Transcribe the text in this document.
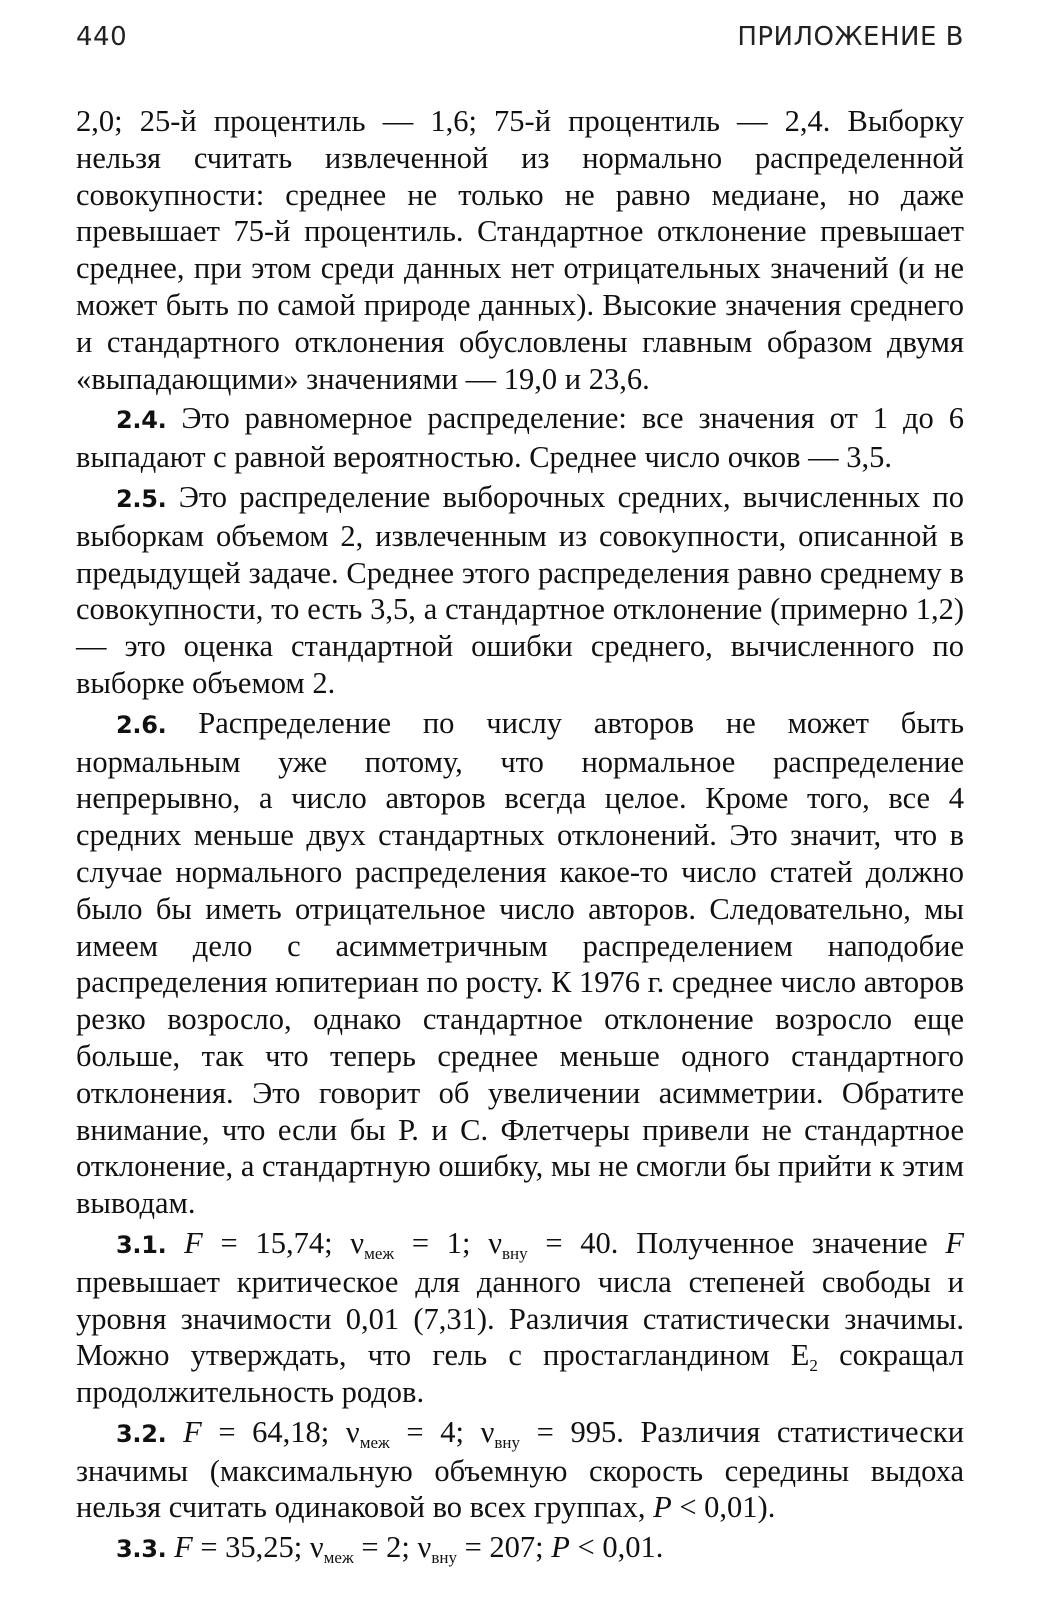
440	ПРИЛОЖЕНИЕ В

2,0; 25-й процентиль — 1,6; 75-й процентиль — 2,4. Выборку нельзя считать извлеченной из нормально распределенной совокупности: среднее не только не равно медиане, но даже превышает 75-й процентиль. Стандартное отклонение превышает среднее, при этом среди данных нет отрицательных значений (и не может быть по самой природе данных). Высокие значения среднего и стандартного отклонения обусловлены главным образом двумя «выпадающими» значениями — 19,0 и 23,6.

2.4. Это равномерное распределение: все значения от 1 до 6 выпадают с равной вероятностью. Среднее число очков — 3,5.

2.5. Это распределение выборочных средних, вычисленных по выборкам объемом 2, извлеченным из совокупности, описанной в предыдущей задаче. Среднее этого распределения равно среднему в совокупности, то есть 3,5, а стандартное отклонение (примерно 1,2) — это оценка стандартной ошибки среднего, вычисленного по выборке объемом 2.

2.6. Распределение по числу авторов не может быть нормальным уже потому, что нормальное распределение непрерывно, а число авторов всегда целое. Кроме того, все 4 средних меньше двух стандартных отклонений. Это значит, что в случае нормального распределения какое-то число статей должно было бы иметь отрицательное число авторов. Следовательно, мы имеем дело с асимметричным распределением наподобие распределения юпитериан по росту. К 1976 г. среднее число авторов резко возросло, однако стандартное отклонение возросло еще больше, так что теперь среднее меньше одного стандартного отклонения. Это говорит об увеличении асимметрии. Обратите внимание, что если бы Р. и С. Флетчеры привели не стандартное отклонение, а стандартную ошибку, мы не смогли бы прийти к этим выводам.

3.1. F = 15,74; $\nu_{меж} = 1$; $\nu_{вну} = 40$. Полученное значение F превышает критическое для данного числа степеней свободы и уровня значимости 0,01 (7,31). Различия статистически значимы. Можно утверждать, что гель с простагландином $E_2$ сокращал продолжительность родов.

3.2. F = 64,18; $\nu_{меж} = 4$; $\nu_{вну} = 995$. Различия статистически значимы (максимальную объемную скорость середины выдоха нельзя считать одинаковой во всех группах, P < 0,01).

3.3. F = 35,25; $\nu_{меж} = 2$; $\nu_{вну} = 207$; P < 0,01.
